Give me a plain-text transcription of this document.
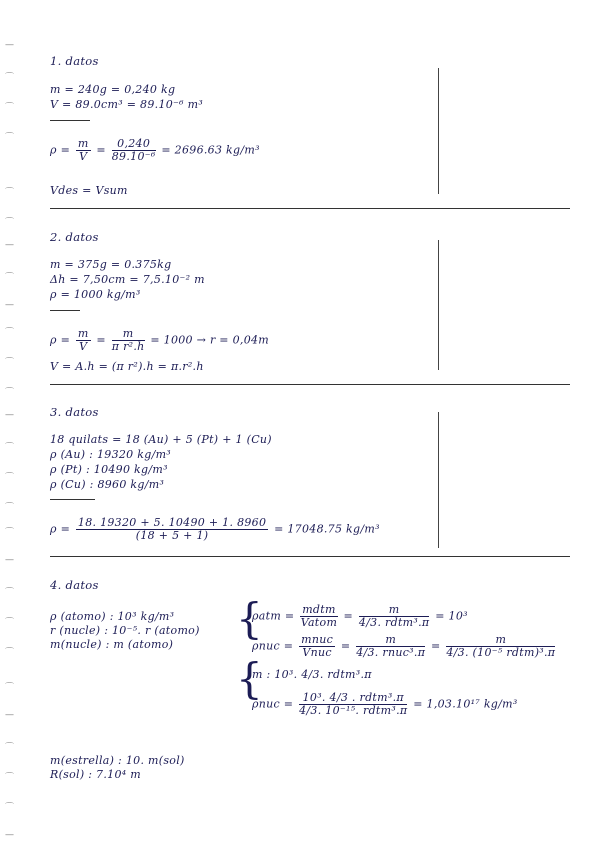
—
⌒
⌒
⌒
⌒
⌒
—
⌒
—
⌒
⌒
⌒
—
⌒
⌒
⌒
⌒
—
⌒
⌒
⌒
⌒
—
⌒
⌒
⌒
—
1. datos
m = 240g = 0,240 kg
V = 89.0cm³ = 89.10⁻⁶ m³
$\rho = \frac{m}{V} = \frac{0,240}{\text{89.10⁻⁶}} = 2696.63$ kg/m³
Vdes = Vsum
2. datos
m = 375g = 0.375kg
Δh = 7,50cm = 7,5.10⁻² m
ρ = 1000 kg/m³
$\rho = \frac{m}{V} = \frac{m}{\text{π r².h}} = 1000 \to r = 0,04m$
V = A.h = (π r²).h = π.r².h
3. datos
18 quilats = 18 (Au) + 5 (Pt) + 1 (Cu)
ρ (Au) : 19320 kg/m³
ρ (Pt) : 10490 kg/m³
ρ (Cu) : 8960 kg/m³
$\rho = \frac{18. 19320 + 5. 10490 + 1. 8960}{(18 + 5 + 1)} = 17048.75$ kg/m³
4. datos
ρ (atomo) : 10³ kg/m³
r (nucle) : 10⁻⁵. r (atomo)
m(nucle) : m (atomo)
{
{
$\rho atm = \frac{\text{mdtm}}{\text{Vatom}} = \frac{m}{\text{4/3. rdtm³.π}} = 10^3$
$\rho nuc = \frac{\text{mnuc}}{\text{Vnuc}} = \frac{m}{\text{4/3. rnuc³.π}} = \frac{m}{\text{4/3. (10⁻⁵ rdtm)³.π}}$
m : 10³. 4/3. rdtm³.π
$\rho nuc = \frac{\text{10³. 4/3 . rdtm³.π}}{\text{4/3. 10⁻¹⁵. rdtm³.π}} = 1,03.10^{17}$ kg/m³
m(estrella) : 10. m(sol)
R(sol) : 7.10⁴ m
